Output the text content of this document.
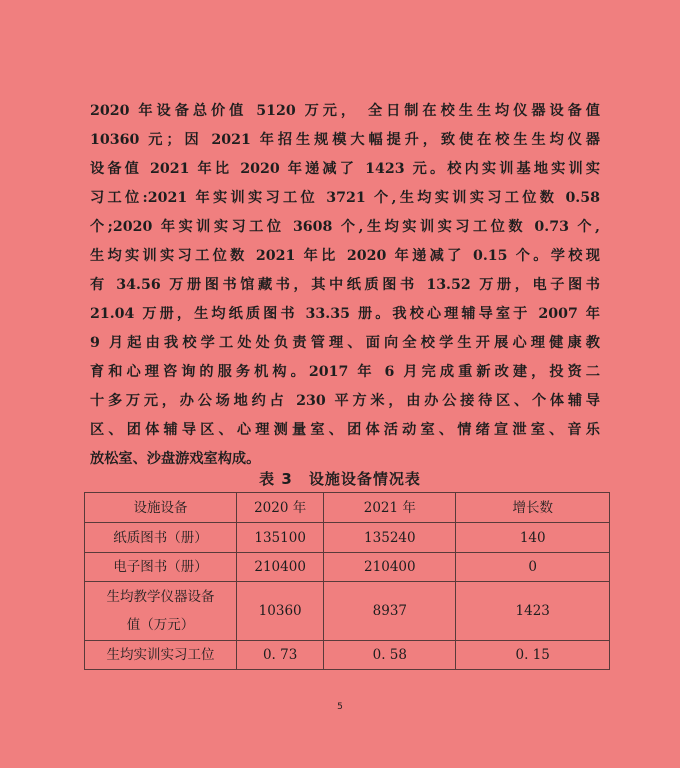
2020 年设备总价值 5120 万元， 全日制在校生生均仪器设备值
10360 元；因 2021 年招生规模大幅提升，致使在校生生均仪器
设备值 2021 年比 2020 年递减了 1423 元。校内实训基地实训实
习工位:2021 年实训实习工位 3721 个,生均实训实习工位数 0.58
个;2020 年实训实习工位 3608 个,生均实训实习工位数 0.73 个,
生均实训实习工位数 2021 年比 2020 年递减了 0.15 个。学校现
有 34.56 万册图书馆藏书，其中纸质图书 13.52 万册，电子图书
21.04 万册，生均纸质图书 33.35 册。我校心理辅导室于 2007 年
9 月起由我校学工处处负责管理、面向全校学生开展心理健康教
育和心理咨询的服务机构。2017 年 6 月完成重新改建，投资二
十多万元，办公场地约占 230 平方米，由办公接待区、个体辅导
区、团体辅导区、心理测量室、团体活动室、情绪宣泄室、音乐
放松室、沙盘游戏室构成。
表 3　设施设备情况表
设施设备	2020 年	2021 年	增长数
纸质图书（册）	135100	135240	140
电子图书（册）	210400	210400	0
生均教学仪器设备
值（万元）	10360	8937	1423
生均实训实习工位	0. 73	0. 58	0. 15
5
